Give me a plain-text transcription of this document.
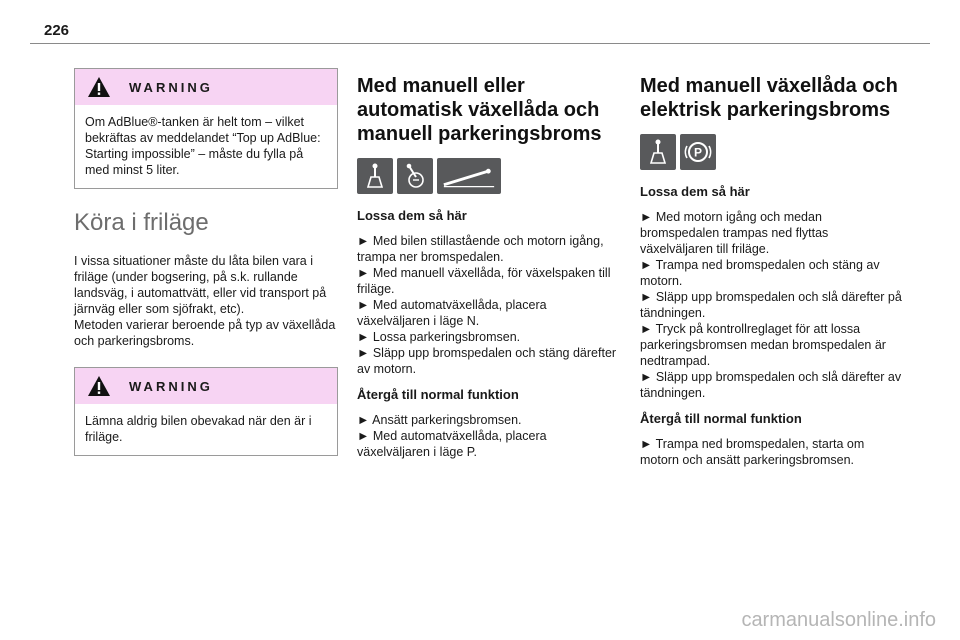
226
WARNING
Om AdBlue®-tanken är helt tom – vilket bekräftas av meddelandet “Top up AdBlue: Starting impossible” – måste du fylla på med minst 5 liter.
Köra i friläge

I vissa situationer måste du låta bilen vara i friläge (under bogsering, på s.k. rullande landsväg, i automattvätt, eller vid transport på järnväg eller som sjöfrakt, etc).

Metoden varierar beroende på typ av växellåda och parkeringsbroms.

WARNING
Lämna aldrig bilen obevakad när den är i friläge.
Med manuell eller automatisk växellåda och manuell parkeringsbroms
Lossa dem så här

► Med bilen stillastående och motorn igång, trampa ner bromspedalen.

► Med manuell växellåda, för växelspaken till friläge.

► Med automatväxellåda, placera växelväljaren i läge N.

► Lossa parkeringsbromsen.

► Släpp upp bromspedalen och stäng därefter av motorn.

Återgå till normal funktion

► Ansätt parkeringsbromsen.

► Med automatväxellåda, placera växelväljaren i läge P.

Med manuell växellåda och elektrisk parkeringsbroms
P
Lossa dem så här

► Med motorn igång och medan bromspedalen trampas ned flyttas växelväljaren till friläge.

► Trampa ned bromspedalen och stäng av motorn.

► Släpp upp bromspedalen och slå därefter på tändningen.

► Tryck på kontrollreglaget för att lossa parkeringsbromsen medan bromspedalen är nedtrampad.

► Släpp upp bromspedalen och slå därefter av tändningen.

Återgå till normal funktion

► Trampa ned bromspedalen, starta om motorn och ansätt parkeringsbromsen.

carmanualsonline.info
